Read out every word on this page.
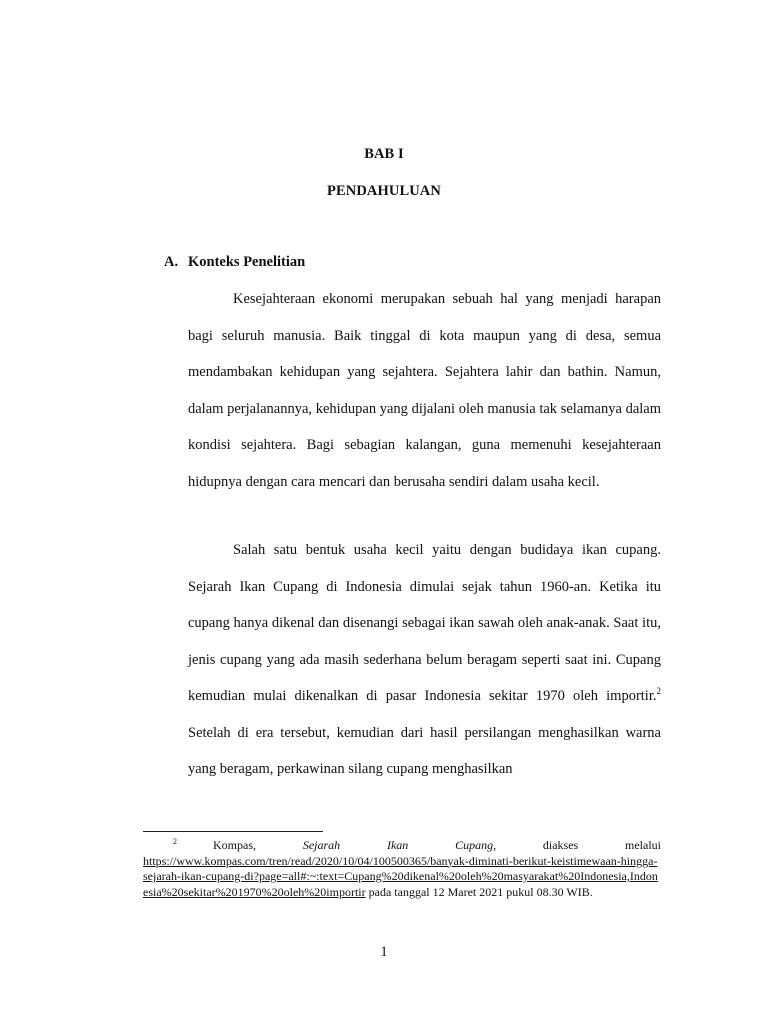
BAB I
PENDAHULUAN
A. Konteks Penelitian

Kesejahteraan ekonomi merupakan sebuah hal yang menjadi harapan bagi seluruh manusia. Baik tinggal di kota maupun yang di desa, semua mendambakan kehidupan yang sejahtera. Sejahtera lahir dan bathin. Namun, dalam perjalanannya, kehidupan yang dijalani oleh manusia tak selamanya dalam kondisi sejahtera. Bagi sebagian kalangan, guna memenuhi kesejahteraan hidupnya dengan cara mencari dan berusaha sendiri dalam usaha kecil.

Salah satu bentuk usaha kecil yaitu dengan budidaya ikan cupang. Sejarah Ikan Cupang di Indonesia dimulai sejak tahun 1960-an. Ketika itu cupang hanya dikenal dan disenangi sebagai ikan sawah oleh anak-anak. Saat itu, jenis cupang yang ada masih sederhana belum beragam seperti saat ini. Cupang kemudian mulai dikenalkan di pasar Indonesia sekitar 1970 oleh importir.$^2$ Setelah di era tersebut, kemudian dari hasil persilangan menghasilkan warna yang beragam, perkawinan silang cupang menghasilkan

$^2$	Kompas,	Sejarah Ikan Cupang, diakses melalui
https://www.kompas.com/tren/read/2020/10/04/100500365/banyak-diminati-berikut-keistimewaan-hingga-sejarah-ikan-cupang-di?page=all#:~:text=Cupang%20dikenal%20oleh%20masyarakat%20Indonesia,Indonesia%20sekitar%201970%20oleh%20importir pada tanggal 12 Maret 2021 pukul 08.30 WIB.
1
